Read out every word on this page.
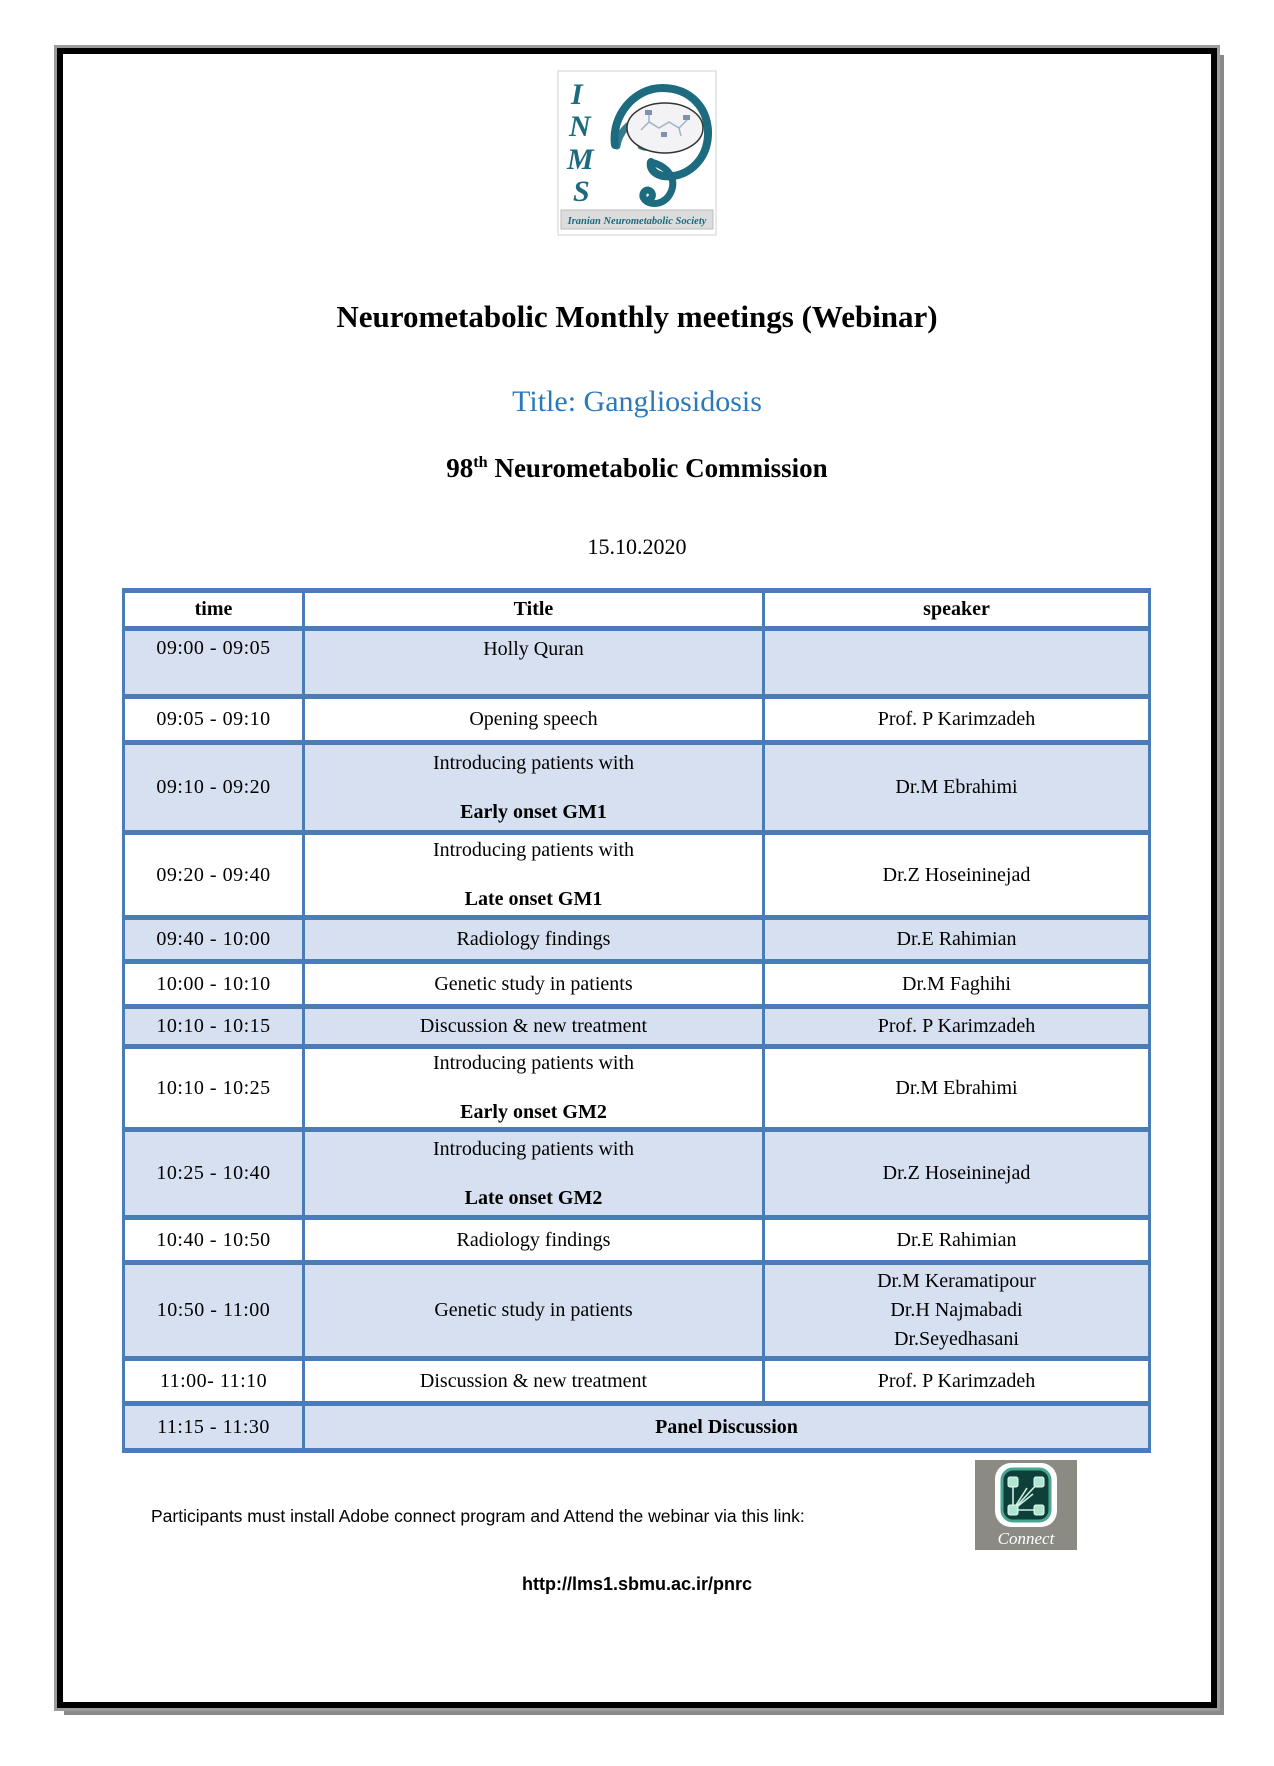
I
N
M
S
Iranian Neurometabolic Society
Neurometabolic Monthly meetings (Webinar)
Title: Gangliosidosis
98th Neurometabolic Commission
15.10.2020
time	Title	speaker
09:00 - 09:05	Holly Quran	

09:05 - 09:10	Opening speech	Prof. P Karimzadeh

09:10 - 09:20	Introducing patients with
Early onset GM1	Dr.M Ebrahimi

09:20 - 09:40	Introducing patients with
Late onset GM1	Dr.Z Hoseininejad

09:40 - 10:00	Radiology findings	Dr.E Rahimian

10:00 - 10:10	Genetic study in patients	Dr.M Faghihi

10:10 - 10:15	Discussion & new treatment	Prof. P Karimzadeh

10:10 - 10:25	Introducing patients with
Early onset GM2	Dr.M Ebrahimi

10:25 - 10:40	Introducing patients with
Late onset GM2	Dr.Z Hoseininejad

10:40 - 10:50	Radiology findings	Dr.E Rahimian

10:50 - 11:00	Genetic study in patients	Dr.M Keramatipour
Dr.H Najmabadi
Dr.Seyedhasani

11:00- 11:10	Discussion & new treatment	Prof. P Karimzadeh

11:15 - 11:30	Panel Discussion	
Participants must install Adobe connect program and Attend the webinar via this link:
Connect
http://lms1.sbmu.ac.ir/pnrc
